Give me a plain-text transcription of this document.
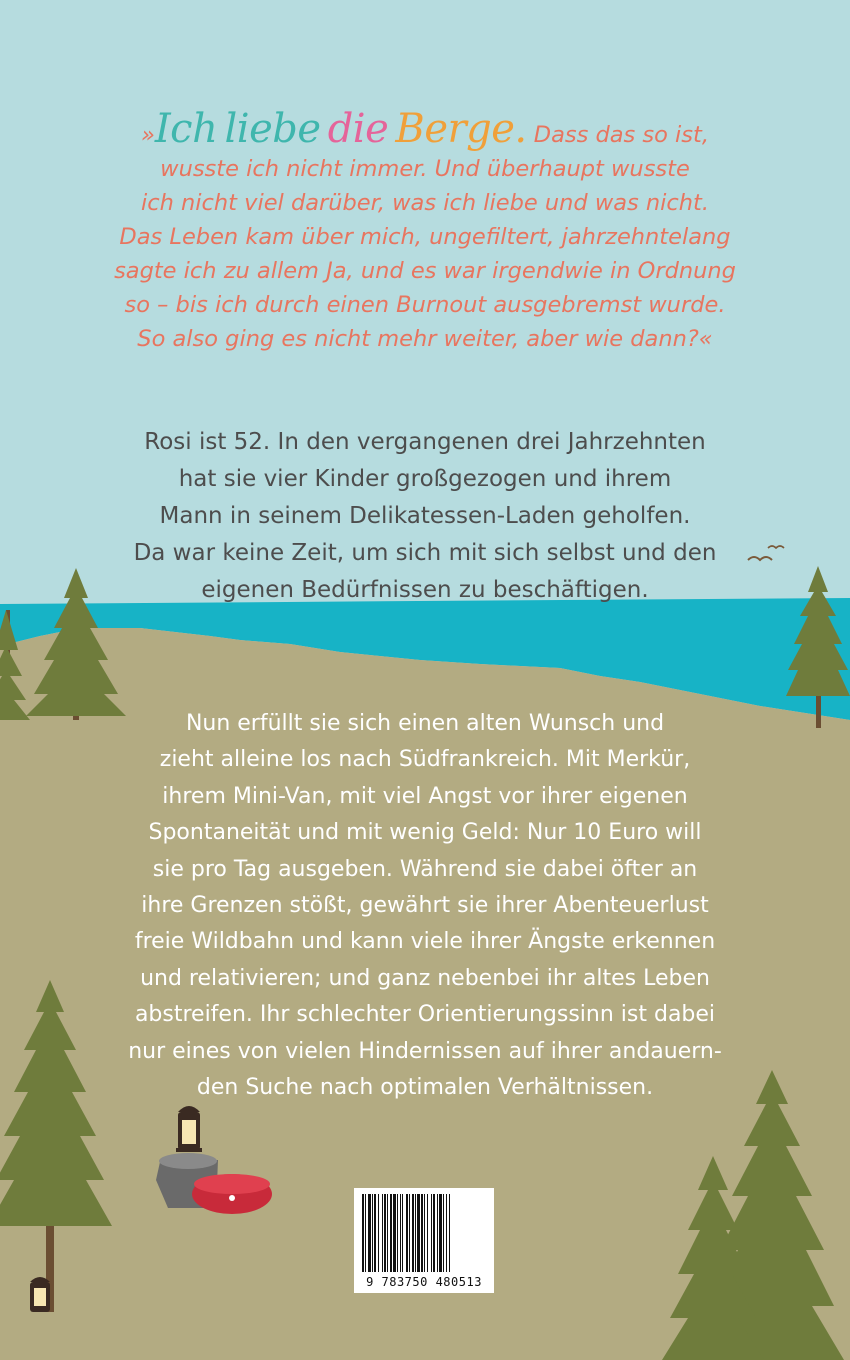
»Ich liebe die Berge. Dass das so ist,
wusste ich nicht immer. Und überhaupt wusste
ich nicht viel darüber, was ich liebe und was nicht.
Das Leben kam über mich, ungefiltert, jahrzehntelang
sagte ich zu allem Ja, und es war irgendwie in Ordnung
so – bis ich durch einen Burnout ausgebremst wurde.
So also ging es nicht mehr weiter, aber wie dann?«
Rosi ist 52. In den vergangenen drei Jahrzehnten
hat sie vier Kinder großgezogen und ihrem
Mann in seinem Delikatessen-Laden geholfen.
Da war keine Zeit, um sich mit sich selbst und den
eigenen Bedürfnissen zu beschäftigen.
Nun erfüllt sie sich einen alten Wunsch und
zieht alleine los nach Südfrankreich. Mit Merkür,
ihrem Mini-Van, mit viel Angst vor ihrer eigenen
Spontaneität und mit wenig Geld: Nur 10 Euro will
sie pro Tag ausgeben. Während sie dabei öfter an
ihre Grenzen stößt, gewährt sie ihrer Abenteuerlust
freie Wildbahn und kann viele ihrer Ängste erkennen
und relativieren; und ganz nebenbei ihr altes Leben
abstreifen. Ihr schlechter Orientierungssinn ist dabei
nur eines von vielen Hindernissen auf ihrer andauern-
den Suche nach optimalen Verhältnissen.
9 783750 480513
